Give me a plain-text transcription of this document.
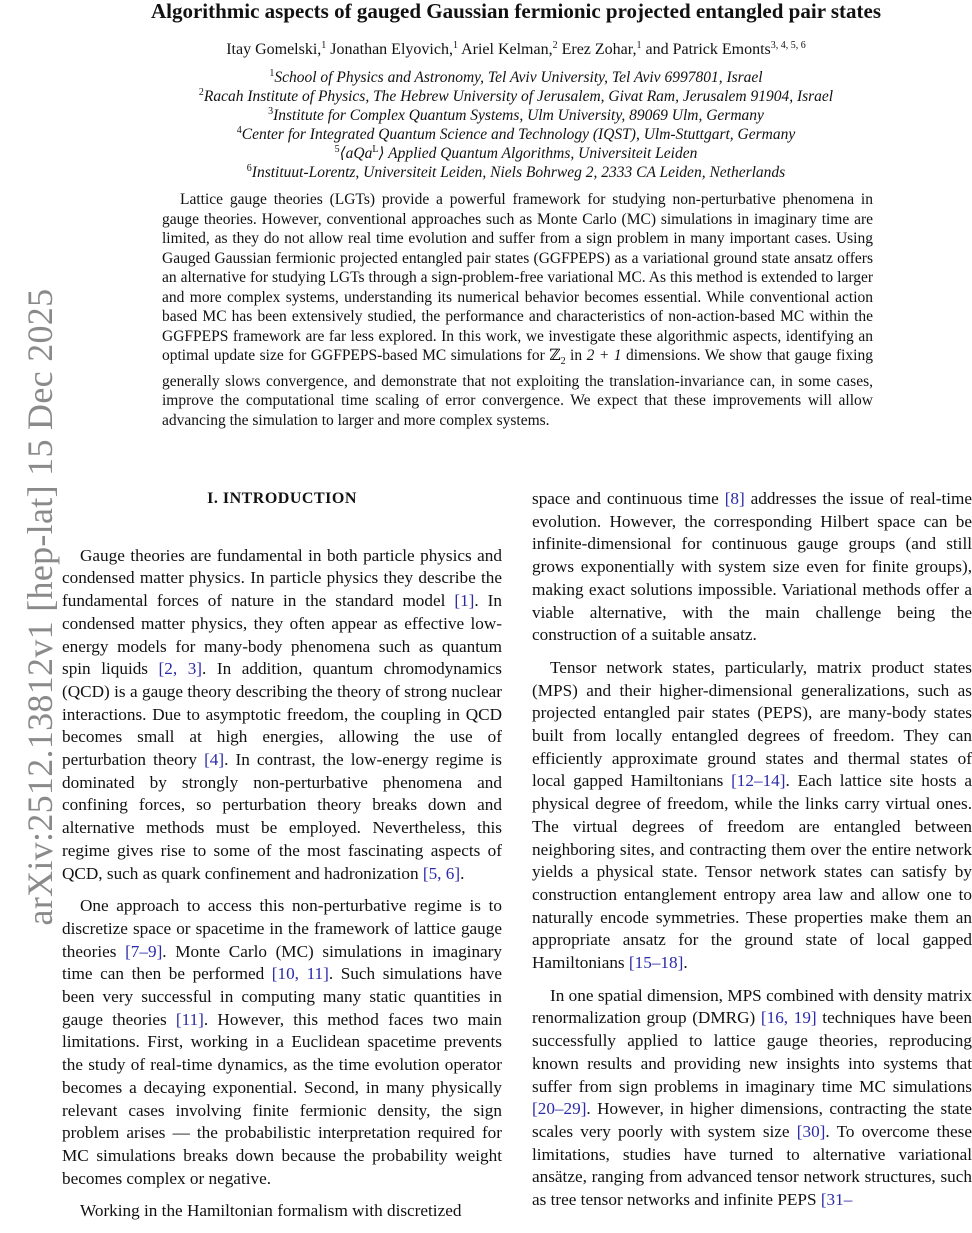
arXiv:2512.13812v1 [hep-lat] 15 Dec 2025
Algorithmic aspects of gauged Gaussian fermionic projected entangled pair states
Itay Gomelski,$^1$ Jonathan Elyovich,$^1$ Ariel Kelman,$^2$ Erez Zohar,$^1$ and Patrick Emonts$^{3, 4, 5, 6}$
$^1$School of Physics and Astronomy, Tel Aviv University, Tel Aviv 6997801, Israel
$^2$Racah Institute of Physics, The Hebrew University of Jerusalem, Givat Ram, Jerusalem 91904, Israel
$^3$Institute for Complex Quantum Systems, Ulm University, 89069 Ulm, Germany
$^4$Center for Integrated Quantum Science and Technology (IQST), Ulm-Stuttgart, Germany
$^5$⟨aQa$^L$⟩ Applied Quantum Algorithms, Universiteit Leiden
$^6$Instituut-Lorentz, Universiteit Leiden, Niels Bohrweg 2, 2333 CA Leiden, Netherlands

Lattice gauge theories (LGTs) provide a powerful framework for studying non-perturbative phenomena in gauge theories. However, conventional approaches such as Monte Carlo (MC) simulations in imaginary time are limited, as they do not allow real time evolution and suffer from a sign problem in many important cases. Using Gauged Gaussian fermionic projected entangled pair states (GGFPEPS) as a variational ground state ansatz offers an alternative for studying LGTs through a sign-problem-free variational MC. As this method is extended to larger and more complex systems, understanding its numerical behavior becomes essential. While conventional action based MC has been extensively studied, the performance and characteristics of non-action-based MC within the GGFPEPS framework are far less explored. In this work, we investigate these algorithmic aspects, identifying an optimal update size for GGFPEPS-based MC simulations for ℤ$_2$ in 2 + 1 dimensions. We show that gauge fixing generally slows convergence, and demonstrate that not exploiting the translation-invariance can, in some cases, improve the computational time scaling of error convergence. We expect that these improvements will allow advancing the simulation to larger and more complex systems.

I. INTRODUCTION

Gauge theories are fundamental in both particle physics and condensed matter physics. In particle physics they describe the fundamental forces of nature in the standard model [1]. In condensed matter physics, they often appear as effective low-energy models for many-body phenomena such as quantum spin liquids [2, 3]. In addition, quantum chromodynamics (QCD) is a gauge theory describing the theory of strong nuclear interactions. Due to asymptotic freedom, the coupling in QCD becomes small at high energies, allowing the use of perturbation theory [4]. In contrast, the low-energy regime is dominated by strongly non-perturbative phenomena and confining forces, so perturbation theory breaks down and alternative methods must be employed. Nevertheless, this regime gives rise to some of the most fascinating aspects of QCD, such as quark confinement and hadronization [5, 6].

One approach to access this non-perturbative regime is to discretize space or spacetime in the framework of lattice gauge theories [7–9]. Monte Carlo (MC) simulations in imaginary time can then be performed [10, 11]. Such simulations have been very successful in computing many static quantities in gauge theories [11]. However, this method faces two main limitations. First, working in a Euclidean spacetime prevents the study of real-time dynamics, as the time evolution operator becomes a decaying exponential. Second, in many physically relevant cases involving finite fermionic density, the sign problem arises — the probabilistic interpretation required for MC simulations breaks down because the probability weight becomes complex or negative.

Working in the Hamiltonian formalism with discretized

space and continuous time [8] addresses the issue of real-time evolution. However, the corresponding Hilbert space can be infinite-dimensional for continuous gauge groups (and still grows exponentially with system size even for finite groups), making exact solutions impossible. Variational methods offer a viable alternative, with the main challenge being the construction of a suitable ansatz.

Tensor network states, particularly, matrix product states (MPS) and their higher-dimensional generalizations, such as projected entangled pair states (PEPS), are many-body states built from locally entangled degrees of freedom. They can efficiently approximate ground states and thermal states of local gapped Hamiltonians [12–14]. Each lattice site hosts a physical degree of freedom, while the links carry virtual ones. The virtual degrees of freedom are entangled between neighboring sites, and contracting them over the entire network yields a physical state. Tensor network states can satisfy by construction entanglement entropy area law and allow one to naturally encode symmetries. These properties make them an appropriate ansatz for the ground state of local gapped Hamiltonians [15–18].

In one spatial dimension, MPS combined with density matrix renormalization group (DMRG) [16, 19] techniques have been successfully applied to lattice gauge theories, reproducing known results and providing new insights into systems that suffer from sign problems in imaginary time MC simulations [20–29]. However, in higher dimensions, contracting the state scales very poorly with system size [30]. To overcome these limitations, studies have turned to alternative variational ansätze, ranging from advanced tensor network structures, such as tree tensor networks and infinite PEPS [31–
